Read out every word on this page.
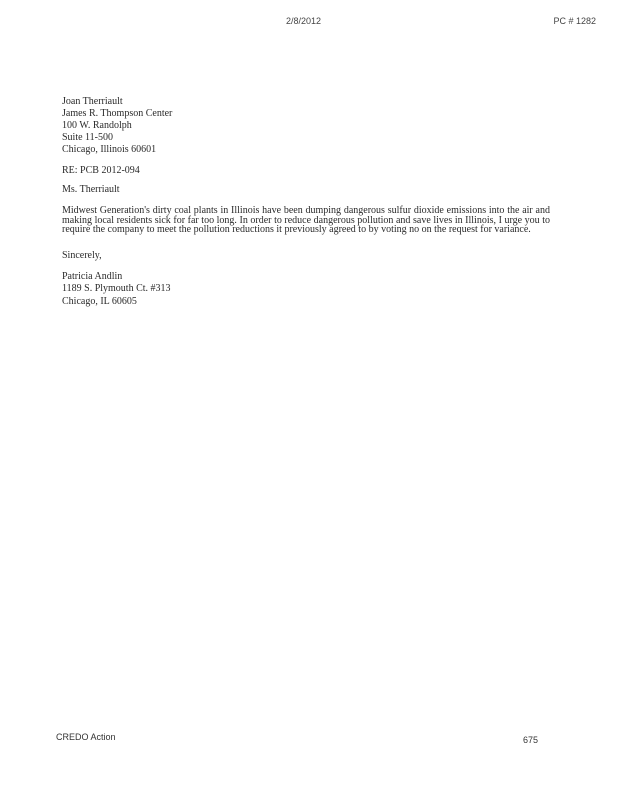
2/8/2012	PC # 1282
Joan Therriault
James R. Thompson Center
100 W. Randolph
Suite 11-500
Chicago, Illinois 60601
RE: PCB 2012-094
Ms. Therriault
Midwest Generation's dirty coal plants in Illinois have been dumping dangerous sulfur dioxide emissions into the air and making local residents sick for far too long. In order to reduce dangerous pollution and save lives in Illinois, I urge you to require the company to meet the pollution reductions it previously agreed to by voting no on the request for variance.
Sincerely,
Patricia Andlin
1189 S. Plymouth Ct. #313
Chicago, IL 60605
CREDO Action	675
